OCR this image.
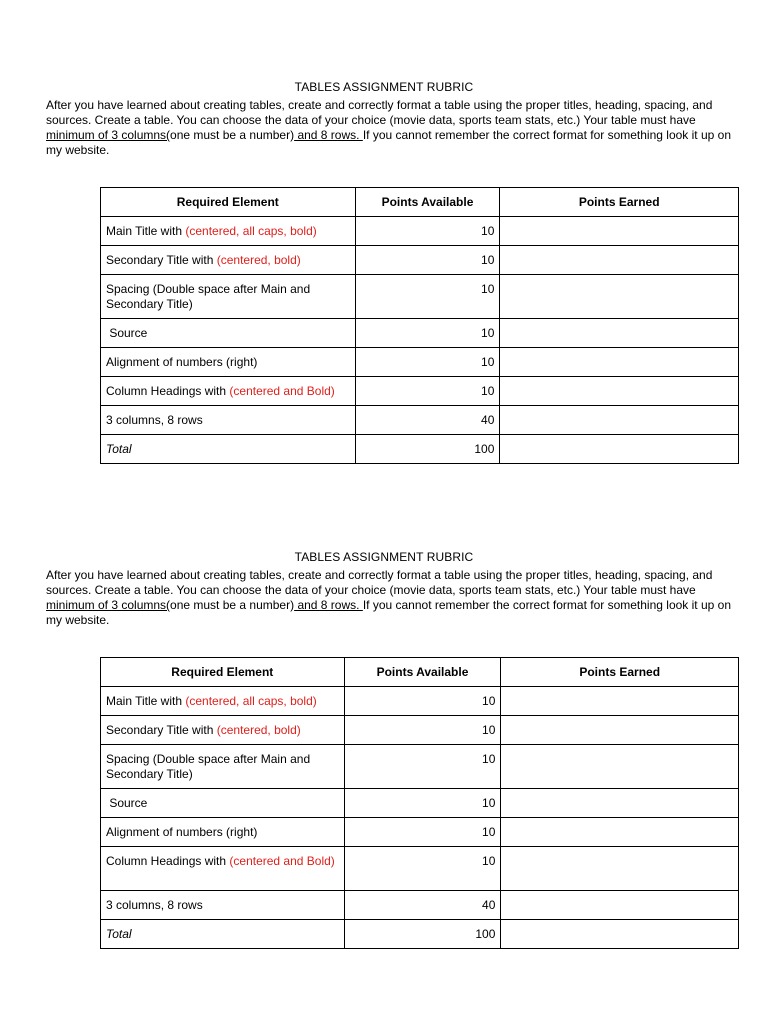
TABLES ASSIGNMENT RUBRIC

After you have learned about creating tables, create and correctly format a table using the proper titles, heading, spacing, and sources. Create a table. You can choose the data of your choice (movie data, sports team stats, etc.) Your table must have minimum of 3 columns(one must be a number) and 8 rows. If you cannot remember the correct format for something look it up on my website.
Required Element	Points Available	Points Earned
Main Title with (centered, all caps, bold)	10	
Secondary Title with (centered, bold)	10	
Spacing (Double space after Main and Secondary Title)	10	
Source	10	
Alignment of numbers (right)	10	
Column Headings with (centered and Bold)	10	
3 columns, 8 rows	40	
Total	100	

TABLES ASSIGNMENT RUBRIC

After you have learned about creating tables, create and correctly format a table using the proper titles, heading, spacing, and sources. Create a table. You can choose the data of your choice (movie data, sports team stats, etc.) Your table must have minimum of 3 columns(one must be a number) and 8 rows. If you cannot remember the correct format for something look it up on my website.
Required Element	Points Available	Points Earned
Main Title with (centered, all caps, bold)	10	
Secondary Title with (centered, bold)	10	
Spacing (Double space after Main and Secondary Title)	10	
Source	10	
Alignment of numbers (right)	10	
Column Headings with (centered and Bold)	10	
3 columns, 8 rows	40	
Total	100	
